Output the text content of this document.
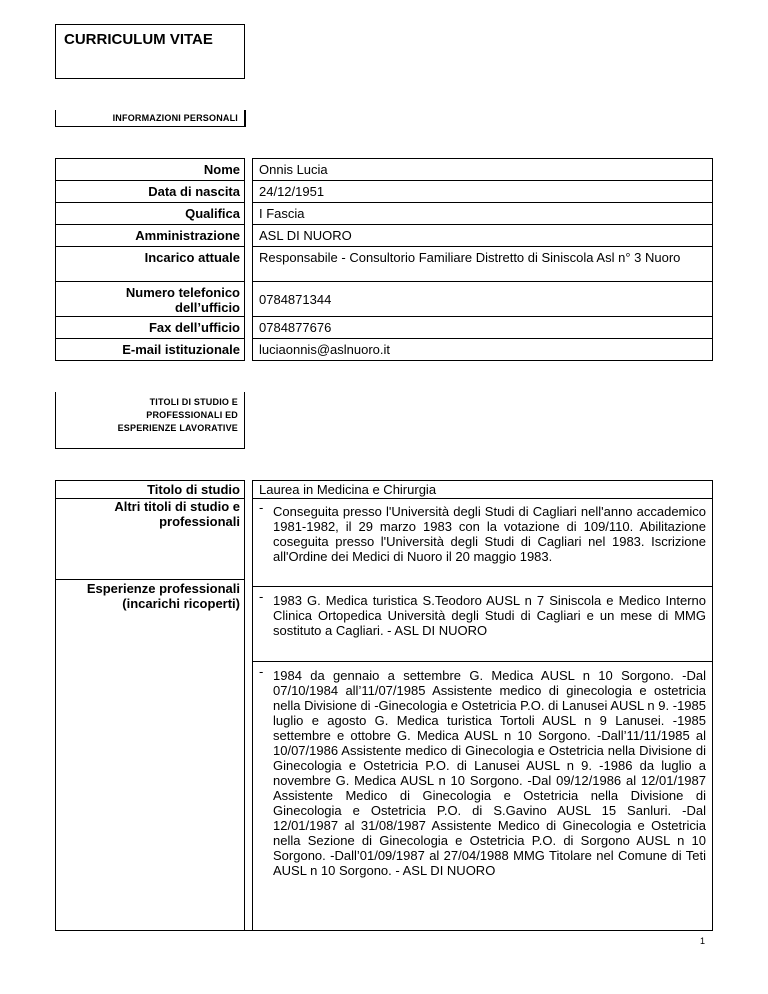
CURRICULUM VITAE
INFORMAZIONI PERSONALI
Nome
Data di nascita
Qualifica
Amministrazione
Incarico attuale
Numero telefonico
dell’ufficio
Fax dell’ufficio
E-mail istituzionale
Onnis Lucia
24/12/1951
I Fascia
ASL DI NUORO
Responsabile - Consultorio Familiare Distretto di Siniscola Asl n° 3 Nuoro
0784871344
0784877676
luciaonnis@aslnuoro.it
TITOLI DI STUDIO E
PROFESSIONALI ED
ESPERIENZE LAVORATIVE
Titolo di studio
Altri titoli di studio e
professionali
Esperienze professionali
(incarichi ricoperti)
Laurea in Medicina e Chirurgia
- Conseguita presso l'Università degli Studi di Cagliari nell'anno accademico 1981-1982, il 29 marzo 1983 con la votazione di 109/110. Abilitazione coseguita presso l'Università degli Studi di Cagliari nel 1983. Iscrizione all'Ordine dei Medici di Nuoro il 20 maggio 1983.
- 1983 G. Medica turistica S.Teodoro AUSL n 7 Siniscola e Medico Interno Clinica Ortopedica Università degli Studi di Cagliari e un mese di MMG sostituto a Cagliari. - ASL DI NUORO
- 1984 da gennaio a settembre G. Medica AUSL n 10 Sorgono. -Dal 07/10/1984 all’11/07/1985 Assistente medico di ginecologia e ostetricia nella Divisione di -Ginecologia e Ostetricia P.O. di Lanusei AUSL n 9. -1985 luglio e agosto G. Medica turistica Tortoli AUSL n 9 Lanusei. -1985 settembre e ottobre G. Medica AUSL n 10 Sorgono. -Dall’11/11/1985 al 10/07/1986 Assistente medico di Ginecologia e Ostetricia nella Divisione di Ginecologia e Ostetricia P.O. di Lanusei AUSL n 9. -1986 da luglio a novembre G. Medica AUSL n 10 Sorgono. -Dal 09/12/1986 al 12/01/1987 Assistente Medico di Ginecologia e Ostetricia nella Divisione di Ginecologia e Ostetricia P.O. di S.Gavino AUSL 15 Sanluri. -Dal 12/01/1987 al 31/08/1987 Assistente Medico di Ginecologia e Ostetricia nella Sezione di Ginecologia e Ostetricia P.O. di Sorgono AUSL n 10 Sorgono. -Dall’01/09/1987 al 27/04/1988 MMG Titolare nel Comune di Teti AUSL n 10 Sorgono. - ASL DI NUORO
1
